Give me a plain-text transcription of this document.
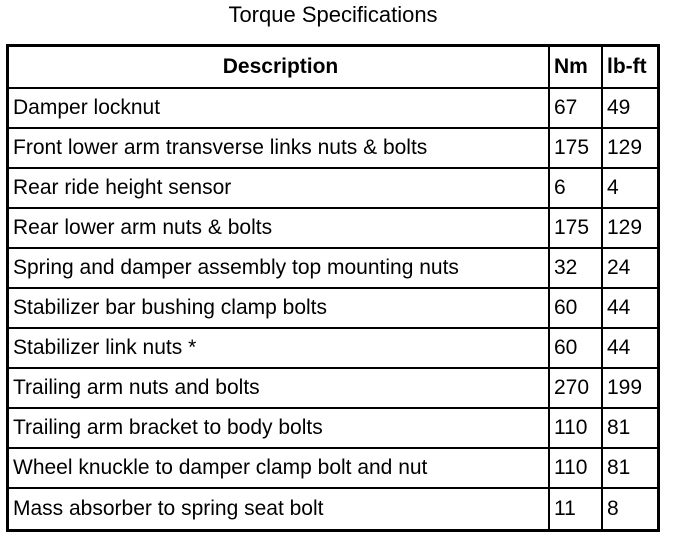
Torque Specifications
Description	Nm	lb-ft
Damper locknut	67	49
Front lower arm transverse links nuts & bolts	175	129
Rear ride height sensor	6	4
Rear lower arm nuts & bolts	175	129
Spring and damper assembly top mounting nuts	32	24
Stabilizer bar bushing clamp bolts	60	44
Stabilizer link nuts *	60	44
Trailing arm nuts and bolts	270	199
Trailing arm bracket to body bolts	110	81
Wheel knuckle to damper clamp bolt and nut	110	81
Mass absorber to spring seat bolt	11	8
